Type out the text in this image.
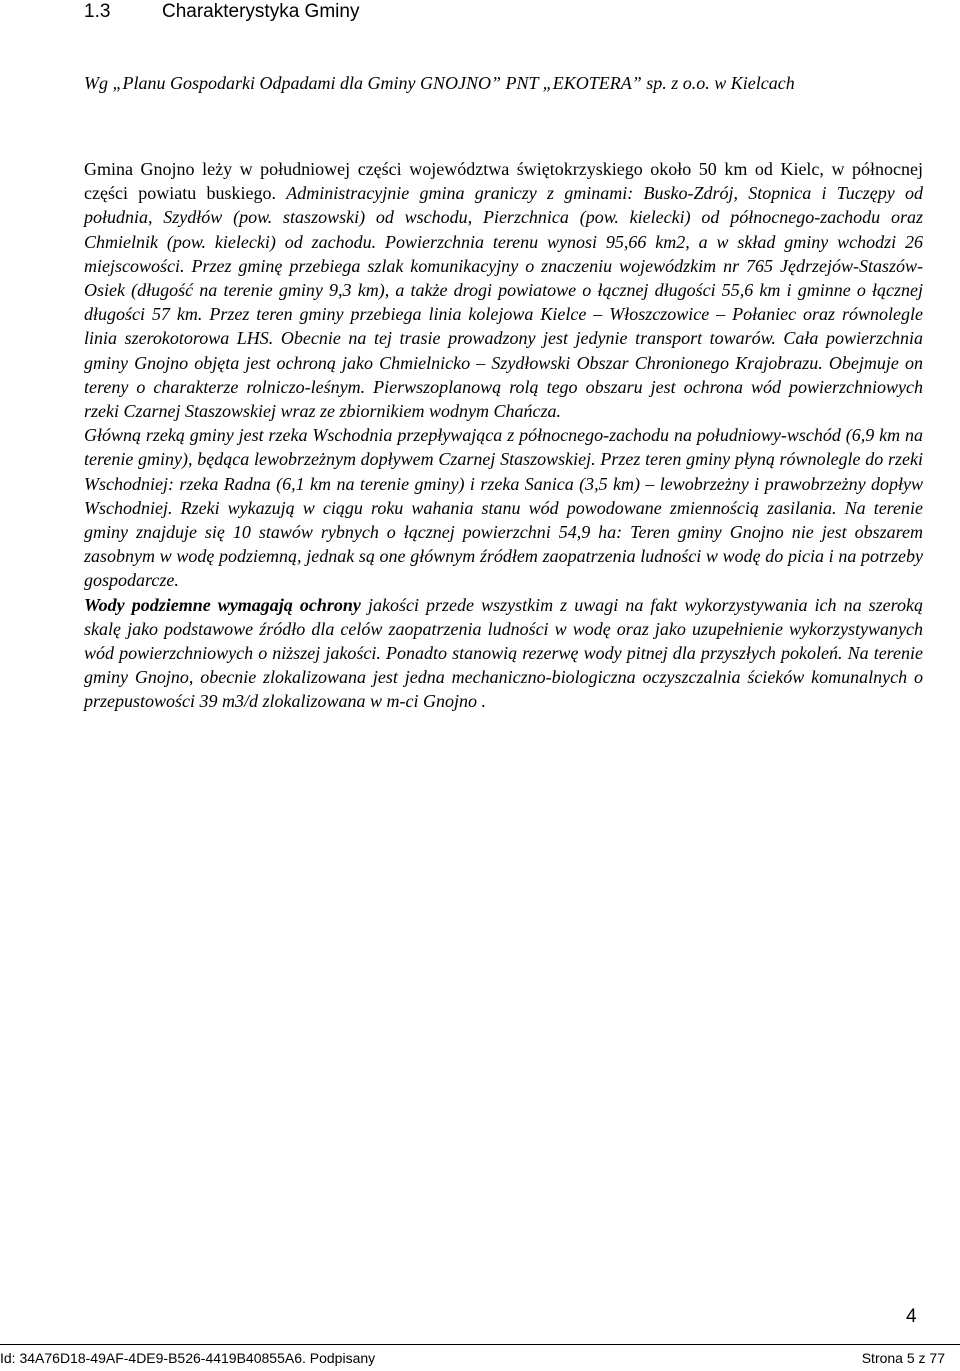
1.3	Charakterystyka Gminy

Wg „Planu Gospodarki Odpadami dla Gminy GNOJNO” PNT „EKOTERA” sp. z o.o. w Kielcach

Gmina Gnojno leży w południowej części województwa świętokrzyskiego około 50 km od Kielc, w północnej części powiatu buskiego. Administracyjnie gmina graniczy z gminami: Busko-Zdrój, Stopnica i Tuczępy od południa, Szydłów (pow. staszowski) od wschodu, Pierzchnica (pow. kielecki) od północnego-zachodu oraz Chmielnik (pow. kielecki) od zachodu. Powierzchnia terenu wynosi 95,66 km2, a w skład gminy wchodzi 26 miejscowości. Przez gminę przebiega szlak komunikacyjny o znaczeniu wojewódzkim nr 765 Jędrzejów-Staszów-Osiek (długość na terenie gminy 9,3 km), a także drogi powiatowe o łącznej długości 55,6 km i gminne o łącznej długości 57 km. Przez teren gminy przebiega linia kolejowa Kielce – Włoszczowice – Połaniec oraz równolegle linia szerokotorowa LHS. Obecnie na tej trasie prowadzony jest jedynie transport towarów. Cała powierzchnia gminy Gnojno objęta jest ochroną jako Chmielnicko – Szydłowski Obszar Chronionego Krajobrazu. Obejmuje on tereny o charakterze rolniczo-leśnym. Pierwszoplanową rolą tego obszaru jest ochrona wód powierzchniowych rzeki Czarnej Staszowskiej wraz ze zbiornikiem wodnym Chańcza.

Główną rzeką gminy jest rzeka Wschodnia przepływająca z północnego-zachodu na południowy-wschód (6,9 km na terenie gminy), będąca lewobrzeżnym dopływem Czarnej Staszowskiej. Przez teren gminy płyną równolegle do rzeki Wschodniej: rzeka Radna (6,1 km na terenie gminy) i rzeka Sanica (3,5 km) – lewobrzeżny i prawobrzeżny dopływ Wschodniej. Rzeki wykazują w ciągu roku wahania stanu wód powodowane zmiennością zasilania. Na terenie gminy znajduje się 10 stawów rybnych o łącznej powierzchni 54,9 ha: Teren gminy Gnojno nie jest obszarem zasobnym w wodę podziemną, jednak są one głównym źródłem zaopatrzenia ludności w wodę do picia i na potrzeby gospodarcze.

Wody podziemne wymagają ochrony jakości przede wszystkim z uwagi na fakt wykorzystywania ich na szeroką skalę jako podstawowe źródło dla celów zaopatrzenia ludności w wodę oraz jako uzupełnienie wykorzystywanych wód powierzchniowych o niższej jakości. Ponadto stanowią rezerwę wody pitnej dla przyszłych pokoleń. Na terenie gminy Gnojno, obecnie zlokalizowana jest jedna mechaniczno-biologiczna oczyszczalnia ścieków komunalnych o przepustowości 39 m3/d zlokalizowana w m-ci Gnojno .

4
Id: 34A76D18-49AF-4DE9-B526-4419B40855A6. Podpisany	Strona 5 z 77
